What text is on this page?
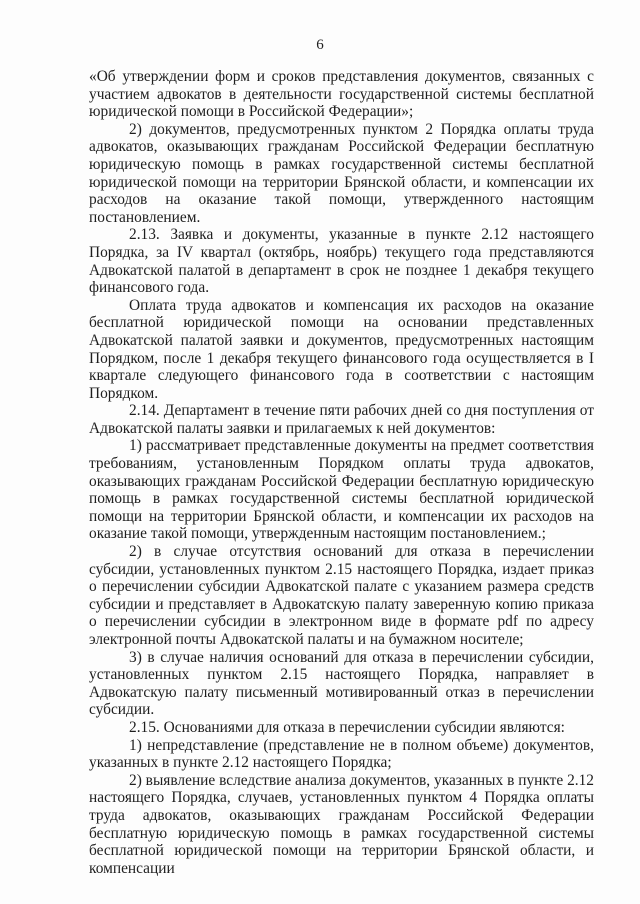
6

«Об утверждении форм и сроков представления документов, связанных с участием адвокатов в деятельности государственной системы бесплатной юридической помощи в Российской Федерации»;

2) документов, предусмотренных пунктом 2 Порядка оплаты труда адвокатов, оказывающих гражданам Российской Федерации бесплатную юридическую помощь в рамках государственной системы бесплатной юридической помощи на территории Брянской области, и компенсации их расходов на оказание такой помощи, утвержденного настоящим постановлением.

2.13. Заявка и документы, указанные в пункте 2.12 настоящего Порядка, за IV квартал (октябрь, ноябрь) текущего года представляются Адвокатской палатой в департамент в срок не позднее 1 декабря текущего финансового года.

Оплата труда адвокатов и компенсация их расходов на оказание бесплатной юридической помощи на основании представленных Адвокатской палатой заявки и документов, предусмотренных настоящим Порядком, после 1 декабря текущего финансового года осуществляется в I квартале следующего финансового года в соответствии с настоящим Порядком.

2.14. Департамент в течение пяти рабочих дней со дня поступления от Адвокатской палаты заявки и прилагаемых к ней документов:

1) рассматривает представленные документы на предмет соответствия требованиям, установленным Порядком оплаты труда адвокатов, оказывающих гражданам Российской Федерации бесплатную юридическую помощь в рамках государственной системы бесплатной юридической помощи на территории Брянской области, и компенсации их расходов на оказание такой помощи, утвержденным настоящим постановлением.;

2) в случае отсутствия оснований для отказа в перечислении субсидии, установленных пунктом 2.15 настоящего Порядка, издает приказ о перечислении субсидии Адвокатской палате с указанием размера средств субсидии и представляет в Адвокатскую палату заверенную копию приказа о перечислении субсидии в электронном виде в формате pdf по адресу электронной почты Адвокатской палаты и на бумажном носителе;

3) в случае наличия оснований для отказа в перечислении субсидии, установленных пунктом 2.15 настоящего Порядка, направляет в Адвокатскую палату письменный мотивированный отказ в перечислении субсидии.

2.15. Основаниями для отказа в перечислении субсидии являются:

1) непредставление (представление не в полном объеме) документов, указанных в пункте 2.12 настоящего Порядка;

2) выявление вследствие анализа документов, указанных в пункте 2.12 настоящего Порядка, случаев, установленных пунктом 4 Порядка оплаты труда адвокатов, оказывающих гражданам Российской Федерации бесплатную юридическую помощь в рамках государственной системы бесплатной юридической помощи на территории Брянской области, и компенсации
